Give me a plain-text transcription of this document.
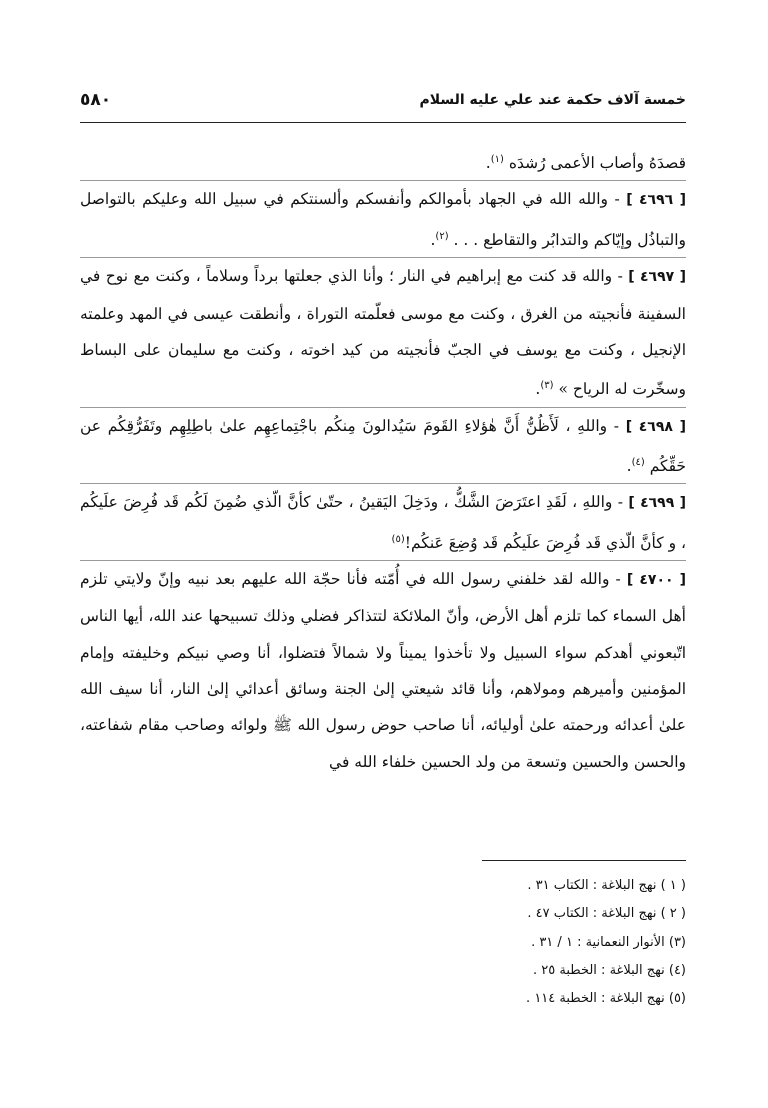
خمسة آلاف حكمة عند علي عليه السلام
٥٨٠

قصدَهُ وأصاب الأعمى رُشدَه $^{(١)}$.

[ ٤٦٩٦ ] - والله الله في الجهاد بأموالكم وأنفسكم وألسنتكم في سبيل الله وعليكم بالتواصل والتباذُل وإيّاكم والتدابُر والتقاطع . . . $^{(٢)}$.

[ ٤٦٩٧ ] - والله قد كنت مع إبراهيم في النار ؛ وأنا الذي جعلتها برداً وسلاماً ، وكنت مع نوح في السفينة فأنجيته من الغرق ، وكنت مع موسى فعلّمته التوراة ، وأنطقت عيسى في المهد وعلمته الإنجيل ، وكنت مع يوسف في الجبّ فأنجيته من كيد اخوته ، وكنت مع سليمان على البساط وسخّرت له الرياح » $^{(٣)}$.

[ ٤٦٩٨ ] - واللهِ ، لَأَظُنُّ أَنَّ هٰؤلاءِ القَومَ سَيُدالونَ مِنكُم باجْتِماعِهِم علىٰ باطِلِهِم وتَفَرُّقِكُم عن حَقِّكُم $^{(٤)}$.

[ ٤٦٩٩ ] - واللهِ ، لَقَدِ اعتَرَضَ الشَّكُّ ، ودَخِلَ اليَقينُ ، حتّىٰ كأنَّ الّذي ضُمِنَ لَكُم قَد فُرِضَ علَيكُم ، و كأنَّ الّذي قَد فُرِضَ علَيكُم قَد وُضِعَ عَنكُم!$^{(٥)}$

[ ٤٧٠٠ ] - والله لقد خلفني رسول الله في أُمّته فأنا حجّة الله عليهم بعد نبيه وإنّ ولايتي تلزم أهل السماء كما تلزم أهل الأرض، وأنّ الملائكة لتتذاكر فضلي وذلك تسبيحها عند الله، أيها الناس اتّبعوني أهدكم سواء السبيل ولا تأخذوا يميناً ولا شمالاً فتضلوا، أنا وصي نبيكم وخليفته وإمام المؤمنين وأميرهم ومولاهم، وأنا قائد شيعتي إلىٰ الجنة وسائق أعدائي إلىٰ النار، أنا سيف الله علىٰ أعدائه ورحمته علىٰ أوليائه، أنا صاحب حوض رسول الله ﷺ ولوائه وصاحب مقام شفاعته، والحسن والحسين وتسعة من ولد الحسين خلفاء الله في

( ١ ) نهج البلاغة : الكتاب ٣١ .
( ٢ ) نهج البلاغة : الكتاب ٤٧ .
(٣) الأنوار النعمانية : ١ / ٣١ .
(٤) نهج البلاغة : الخطبة ٢٥ .
(٥) نهج البلاغة : الخطبة ١١٤ .
